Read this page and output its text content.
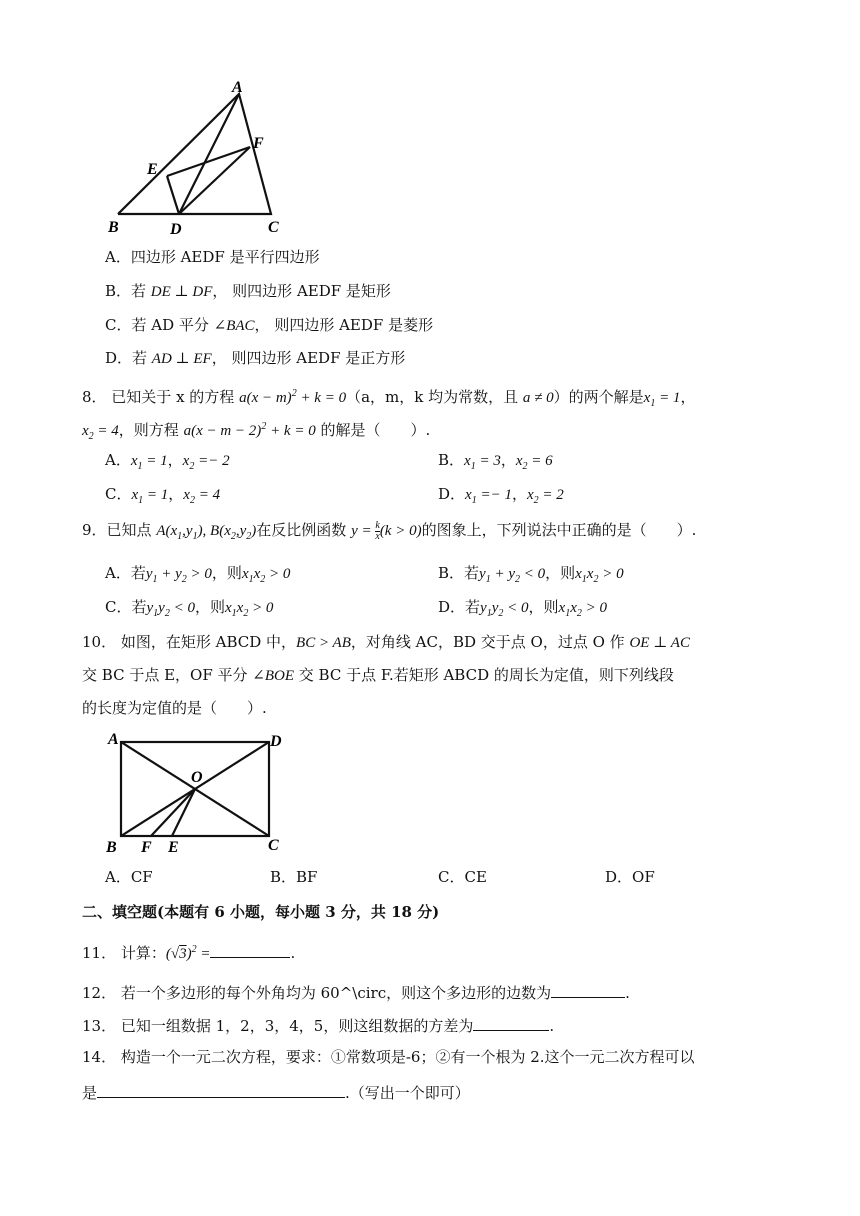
A
E
F
B	D	C
A．四边形 AEDF 是平行四边形
B．若 DE ⊥ DF， 则四边形 AEDF 是矩形
C．若 AD 平分 ∠BAC， 则四边形 AEDF 是菱形
D．若 AD ⊥ EF， 则四边形 AEDF 是正方形
8． 已知关于 x 的方程 $a(x - m)^2 + k = 0(a$，m，k 均为常数，且 a ≠ 0）的两个解是$x_1 = 1$，
$x_2 = 4$，则方程 $a(x - m - 2)^2 + k = 0$ 的解是（　　）.
A．$x_1 = 1$，$x_2 =- 2$	B．$x_1 = 3$，$x_2 = 6$
C．$x_1 = 1$，$x_2 = 4$	D．$x_1 =- 1$，$x_2 = 2$
9．已知点 $A(x_1,y_1)$, $B(x_2,y_2)$在反比例函数 $y = \frac{k}{x} (k > 0)$的图象上，下列说法中正确的是（　　）.
A．若$y_1 + y_2 > 0$，则$x_1x_2 > 0$	B．若$y_1 + y_2 < 0$，则$x_1x_2 > 0$
C．若$y_1y_2 < 0$，则$x_1x_2 > 0$	D．若$y_1y_2 < 0$，则$x_1x_2 > 0$
10． 如图，在矩形 ABCD 中，BC > AB，对角线 AC，BD 交于点 O，过点 O 作 OE ⊥ AC
交 BC 于点 E，OF 平分 ∠BOE 交 BC 于点 F.若矩形 ABCD 的周长为定值，则下列线段
的长度为定值的是（　　）.
A	D
O
B F E	C
A．CF	B．BF	C．CE	D．OF
二、填空题(本题有 6 小题，每小题 3 分，共 18 分)
11． 计算：$(√3)^2$ =	.
12． 若一个多边形的每个外角均为 60^\circ，则这个多边形的边数为	.
13． 已知一组数据 1，2，3，4，5，则这组数据的方差为	.
14． 构造一个一元二次方程，要求：①常数项是-6；②有一个根为 2.这个一元二次方程可以
是	.（写出一个即可）
